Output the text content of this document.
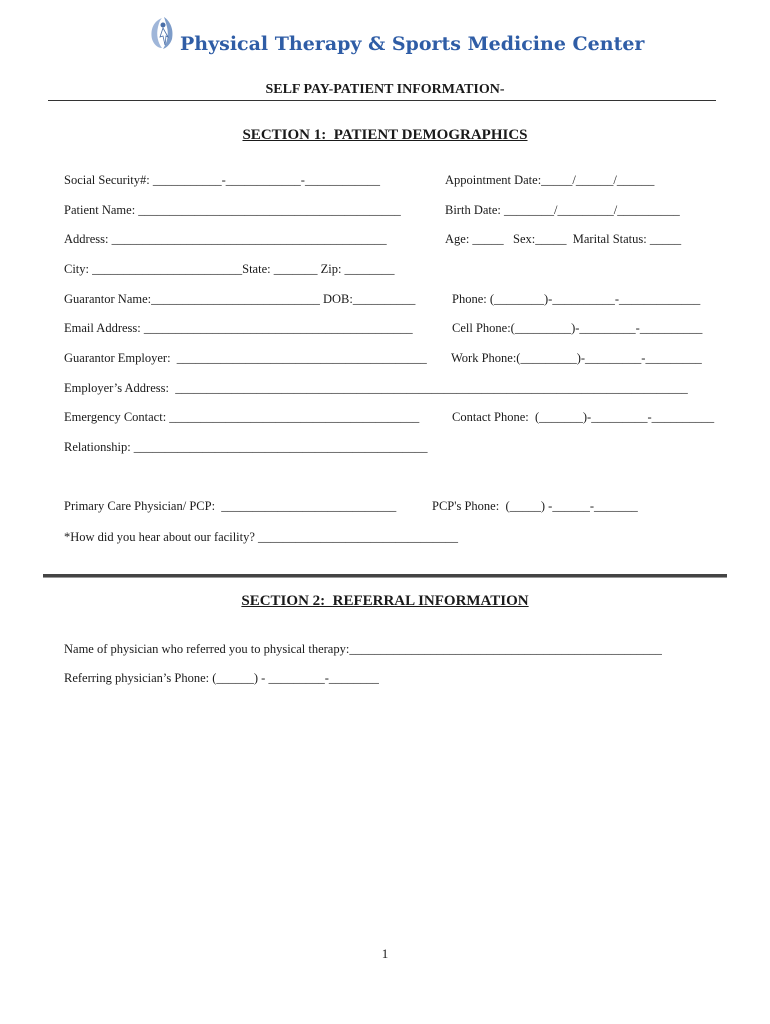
Physical Therapy & Sports Medicine Center
SELF PAY-PATIENT INFORMATION-
SECTION 1:  PATIENT DEMOGRAPHICS
Social Security#: ___________-____________-____________	Appointment Date:_____/______/______
Patient Name: __________________________________________	Birth Date: ________/_________/__________
Address: ____________________________________________	Age: _____   Sex:_____  Marital Status: _____
City: ________________________State: _______ Zip: ________
Guarantor Name:___________________________ DOB:__________	Phone: (________)-__________-_____________
Email Address: ___________________________________________	Cell Phone:(_________)-_________-__________
Guarantor Employer:  ________________________________________ Work Phone:(_________)-_________-_________
Employer’s Address:  __________________________________________________________________________________
Emergency Contact: ________________________________________	Contact Phone:  (_______)-_________-__________
Relationship: _______________________________________________
Primary Care Physician/ PCP:  ____________________________	PCP's Phone:  (_____) -______-_______
*How did you hear about our facility? ________________________________
SECTION 2:  REFERRAL INFORMATION
Name of physician who referred you to physical therapy:__________________________________________________
Referring physician’s Phone: (______) - _________-________
1
